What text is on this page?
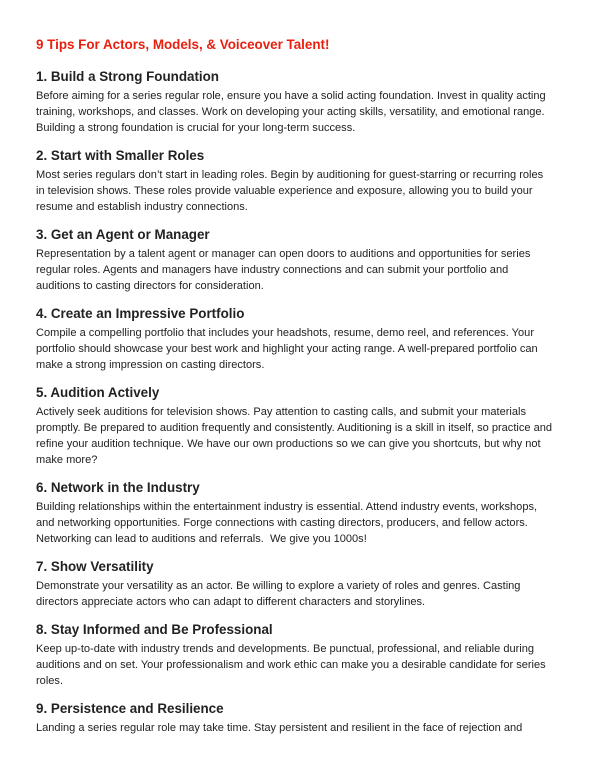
9 Tips For Actors, Models, & Voiceover Talent!
1. Build a Strong Foundation

Before aiming for a series regular role, ensure you have a solid acting foundation. Invest in quality acting
training, workshops, and classes. Work on developing your acting skills, versatility, and emotional range.
Building a strong foundation is crucial for your long-term success.

2. Start with Smaller Roles

Most series regulars don’t start in leading roles. Begin by auditioning for guest-starring or recurring roles
in television shows. These roles provide valuable experience and exposure, allowing you to build your
resume and establish industry connections.

3. Get an Agent or Manager

Representation by a talent agent or manager can open doors to auditions and opportunities for series
regular roles. Agents and managers have industry connections and can submit your portfolio and
auditions to casting directors for consideration.

4. Create an Impressive Portfolio

Compile a compelling portfolio that includes your headshots, resume, demo reel, and references. Your
portfolio should showcase your best work and highlight your acting range. A well-prepared portfolio can
make a strong impression on casting directors.

5. Audition Actively

Actively seek auditions for television shows. Pay attention to casting calls, and submit your materials
promptly. Be prepared to audition frequently and consistently. Auditioning is a skill in itself, so practice and
refine your audition technique. We have our own productions so we can give you shortcuts, but why not
make more?

6. Network in the Industry

Building relationships within the entertainment industry is essential. Attend industry events, workshops,
and networking opportunities. Forge connections with casting directors, producers, and fellow actors.
Networking can lead to auditions and referrals.  We give you 1000s!

7. Show Versatility

Demonstrate your versatility as an actor. Be willing to explore a variety of roles and genres. Casting
directors appreciate actors who can adapt to different characters and storylines.

8. Stay Informed and Be Professional

Keep up-to-date with industry trends and developments. Be punctual, professional, and reliable during
auditions and on set. Your professionalism and work ethic can make you a desirable candidate for series
roles.

9. Persistence and Resilience

Landing a series regular role may take time. Stay persistent and resilient in the face of rejection and
